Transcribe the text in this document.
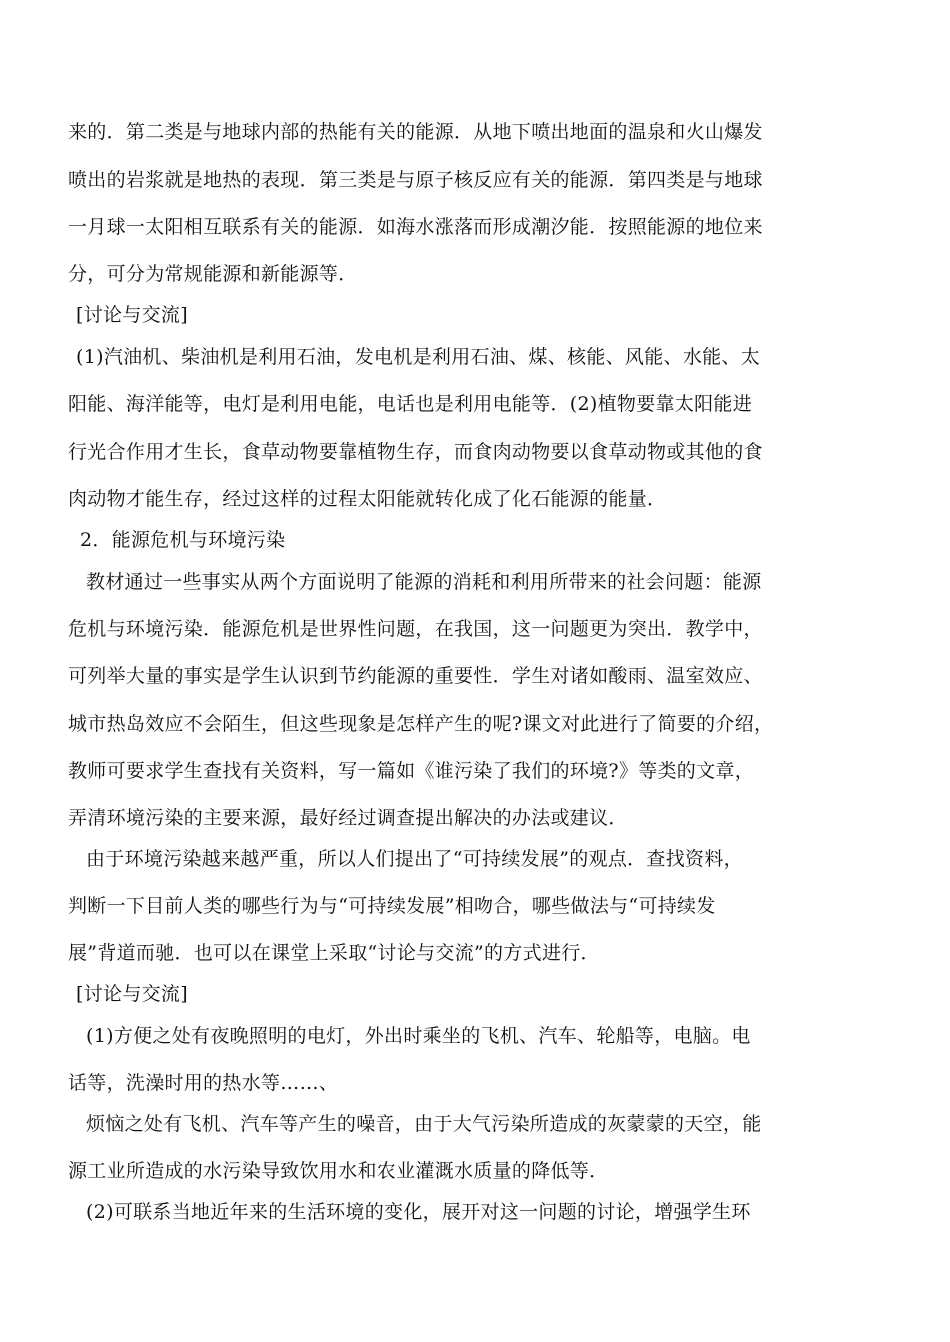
来的．第二类是与地球内部的热能有关的能源．从地下喷出地面的温泉和火山爆发
喷出的岩浆就是地热的表现．第三类是与原子核反应有关的能源．第四类是与地球
一月球一太阳相互联系有关的能源．如海水涨落而形成潮汐能．按照能源的地位来
分，可分为常规能源和新能源等．
[讨论与交流]
(1)汽油机、柴油机是利用石油，发电机是利用石油、煤、核能、风能、水能、太
阳能、海洋能等，电灯是利用电能，电话也是利用电能等．(2)植物要靠太阳能进
行光合作用才生长，食草动物要靠植物生存，而食肉动物要以食草动物或其他的食
肉动物才能生存，经过这样的过程太阳能就转化成了化石能源的能量．
2．能源危机与环境污染
教材通过一些事实从两个方面说明了能源的消耗和利用所带来的社会问题：能源
危机与环境污染．能源危机是世界性问题，在我国，这一问题更为突出．教学中，
可列举大量的事实是学生认识到节约能源的重要性．学生对诸如酸雨、温室效应、
城市热岛效应不会陌生，但这些现象是怎样产生的呢?课文对此进行了简要的介绍，
教师可要求学生查找有关资料，写一篇如《谁污染了我们的环境?》等类的文章，
弄清环境污染的主要来源，最好经过调查提出解决的办法或建议．
由于环境污染越来越严重，所以人们提出了“可持续发展”的观点．查找资料，
判断一下目前人类的哪些行为与“可持续发展”相吻合，哪些做法与“可持续发
展”背道而驰．也可以在课堂上采取“讨论与交流”的方式进行．
[讨论与交流]
(1)方便之处有夜晚照明的电灯，外出时乘坐的飞机、汽车、轮船等，电脑。电
话等，洗澡时用的热水等……、
烦恼之处有飞机、汽车等产生的噪音，由于大气污染所造成的灰蒙蒙的天空，能
源工业所造成的水污染导致饮用水和农业灌溉水质量的降低等．
(2)可联系当地近年来的生活环境的变化，展开对这一问题的讨论，增强学生环
